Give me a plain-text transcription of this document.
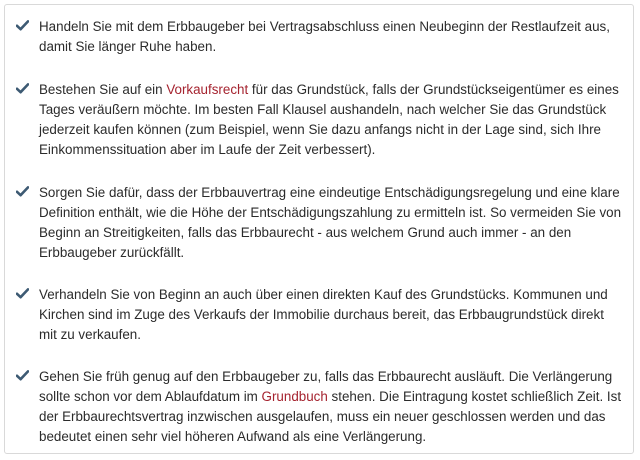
Handeln Sie mit dem Erbbaugeber bei Vertragsabschluss einen Neubeginn der Restlaufzeit aus, damit Sie länger Ruhe haben.

Bestehen Sie auf ein Vorkaufsrecht für das Grundstück, falls der Grundstückseigentümer es eines Tages veräußern möchte. Im besten Fall Klausel aushandeln, nach welcher Sie das Grundstück jederzeit kaufen können (zum Beispiel, wenn Sie dazu anfangs nicht in der Lage sind, sich Ihre Einkommenssituation aber im Laufe der Zeit verbessert).

Sorgen Sie dafür, dass der Erbbauvertrag eine eindeutige Entschädigungsregelung und eine klare Definition enthält, wie die Höhe der Entschädigungszahlung zu ermitteln ist. So vermeiden Sie von Beginn an Streitigkeiten, falls das Erbbaurecht - aus welchem Grund auch immer - an den Erbbaugeber zurückfällt.

Verhandeln Sie von Beginn an auch über einen direkten Kauf des Grundstücks. Kommunen und Kirchen sind im Zuge des Verkaufs der Immobilie durchaus bereit, das Erbbaugrundstück direkt mit zu verkaufen.

Gehen Sie früh genug auf den Erbbaugeber zu, falls das Erbbaurecht ausläuft. Die Verlängerung sollte schon vor dem Ablaufdatum im Grundbuch stehen. Die Eintragung kostet schließlich Zeit. Ist der Erbbaurechtsvertrag inzwischen ausgelaufen, muss ein neuer geschlossen werden und das bedeutet einen sehr viel höheren Aufwand als eine Verlängerung.
